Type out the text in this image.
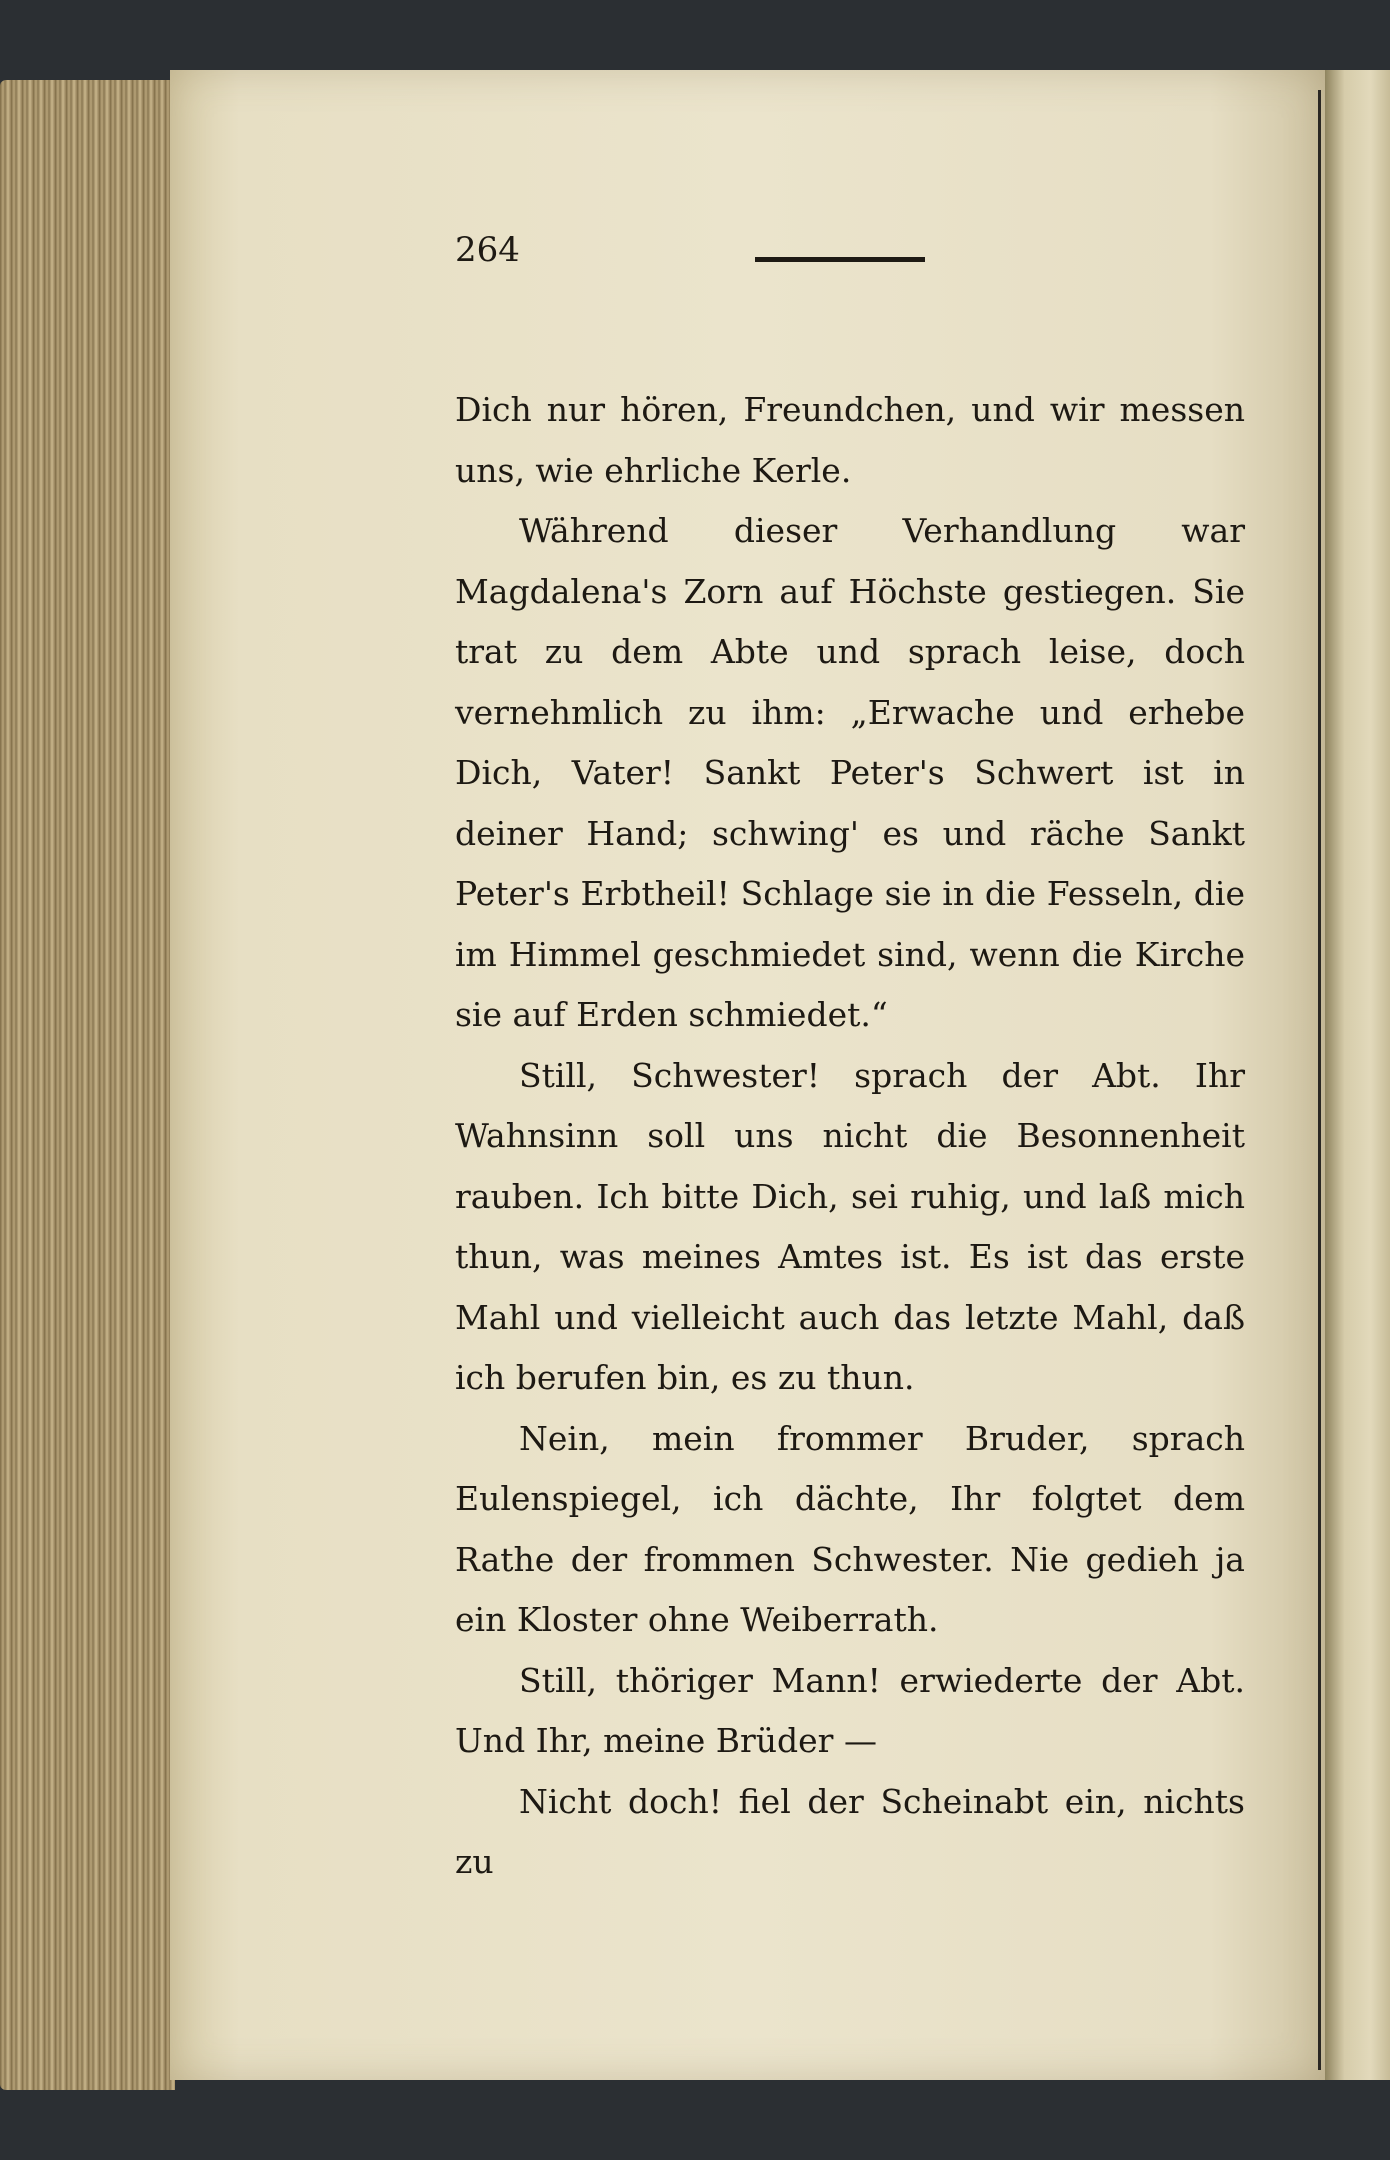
264

Dich nur hören, Freundchen, und wir messen uns, wie ehrliche Kerle.

Während dieser Verhandlung war Magdalena's Zorn auf Höchste gestiegen. Sie trat zu dem Abte und sprach leise, doch vernehmlich zu ihm: „Erwache und erhebe Dich, Vater! Sankt Peter's Schwert ist in deiner Hand; schwing' es und räche Sankt Peter's Erbtheil! Schlage sie in die Fesseln, die im Himmel geschmiedet sind, wenn die Kirche sie auf Erden schmiedet.“

Still, Schwester! sprach der Abt. Ihr Wahnsinn soll uns nicht die Besonnenheit rauben. Ich bitte Dich, sei ruhig, und laß mich thun, was meines Amtes ist. Es ist das erste Mahl und vielleicht auch das letzte Mahl, daß ich berufen bin, es zu thun.

Nein, mein frommer Bruder, sprach Eulenspiegel, ich dächte, Ihr folgtet dem Rathe der frommen Schwester. Nie gedieh ja ein Kloster ohne Weiberrath.

Still, thöriger Mann! erwiederte der Abt. Und Ihr, meine Brüder —

Nicht doch! fiel der Scheinabt ein, nichts zu
